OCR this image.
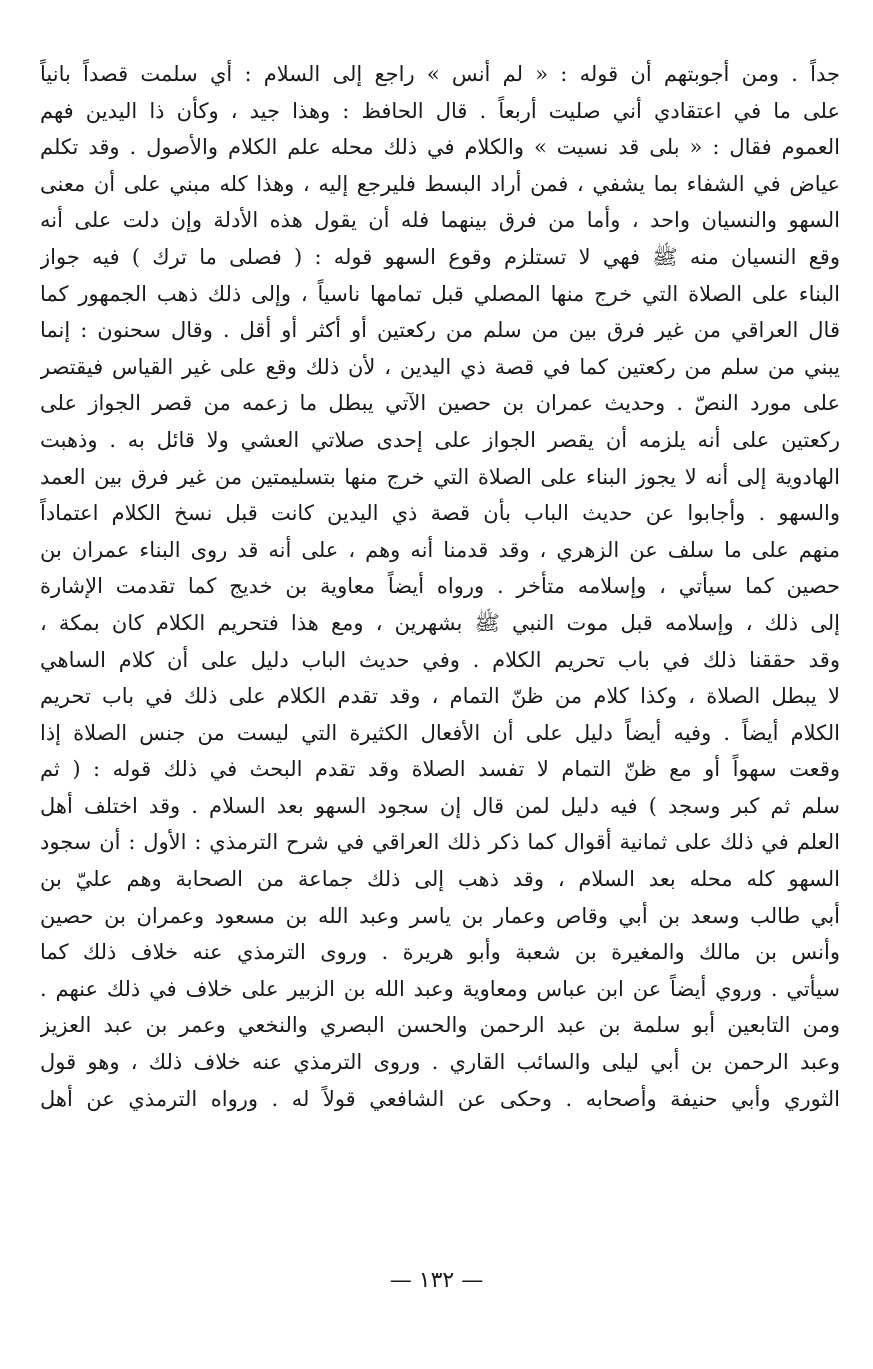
جداً . ومن أجوبتهم أن قوله : « لم أنس » راجع إلى السلام : أي سلمت قصداً بانياً
على ما في اعتقادي أني صليت أربعاً . قال الحافظ : وهذا جيد ، وكأن ذا اليدين فهم
العموم فقال : « بلى قد نسيت » والكلام في ذلك محله علم الكلام والأصول . وقد تكلم
عياض في الشفاء بما يشفي ، فمن أراد البسط فليرجع إليه ، وهذا كله مبني على أن معنى
السهو والنسيان واحد ، وأما من فرق بينهما فله أن يقول هذه الأدلة وإن دلت على أنه
وقع النسيان منه ﷺ فهي لا تستلزم وقوع السهو قوله : ( فصلى ما ترك ) فيه جواز
البناء على الصلاة التي خرج منها المصلي قبل تمامها ناسياً ، وإلى ذلك ذهب الجمهور كما
قال العراقي من غير فرق بين من سلم من ركعتين أو أكثر أو أقل . وقال سحنون : إنما
يبني من سلم من ركعتين كما في قصة ذي اليدين ، لأن ذلك وقع على غير القياس فيقتصر
على مورد النصّ . وحديث عمران بن حصين الآتي يبطل ما زعمه من قصر الجواز على
ركعتين على أنه يلزمه أن يقصر الجواز على إحدى صلاتي العشي ولا قائل به . وذهبت
الهادوية إلى أنه لا يجوز البناء على الصلاة التي خرج منها بتسليمتين من غير فرق بين العمد
والسهو . وأجابوا عن حديث الباب بأن قصة ذي اليدين كانت قبل نسخ الكلام اعتماداً
منهم على ما سلف عن الزهري ، وقد قدمنا أنه وهم ، على أنه قد روى البناء عمران بن
حصين كما سيأتي ، وإسلامه متأخر . ورواه أيضاً معاوية بن خديج كما تقدمت الإشارة
إلى ذلك ، وإسلامه قبل موت النبي ﷺ بشهرين ، ومع هذا فتحريم الكلام كان بمكة ،
وقد حققنا ذلك في باب تحريم الكلام . وفي حديث الباب دليل على أن كلام الساهي
لا يبطل الصلاة ، وكذا كلام من ظنّ التمام ، وقد تقدم الكلام على ذلك في باب تحريم
الكلام أيضاً . وفيه أيضاً دليل على أن الأفعال الكثيرة التي ليست من جنس الصلاة إذا
وقعت سهواً أو مع ظنّ التمام لا تفسد الصلاة وقد تقدم البحث في ذلك قوله : ( ثم
سلم ثم كبر وسجد ) فيه دليل لمن قال إن سجود السهو بعد السلام . وقد اختلف أهل
العلم في ذلك على ثمانية أقوال كما ذكر ذلك العراقي في شرح الترمذي : الأول : أن سجود
السهو كله محله بعد السلام ، وقد ذهب إلى ذلك جماعة من الصحابة وهم عليّ بن
أبي طالب وسعد بن أبي وقاص وعمار بن ياسر وعبد الله بن مسعود وعمران بن حصين
وأنس بن مالك والمغيرة بن شعبة وأبو هريرة . وروى الترمذي عنه خلاف ذلك كما
سيأتي . وروي أيضاً عن ابن عباس ومعاوية وعبد الله بن الزبير على خلاف في ذلك عنهم .
ومن التابعين أبو سلمة بن عبد الرحمن والحسن البصري والنخعي وعمر بن عبد العزيز
وعبد الرحمن بن أبي ليلى والسائب القاري . وروى الترمذي عنه خلاف ذلك ، وهو قول
الثوري وأبي حنيفة وأصحابه . وحكى عن الشافعي قولاً له . ورواه الترمذي عن أهل
— ١٣٢ —
